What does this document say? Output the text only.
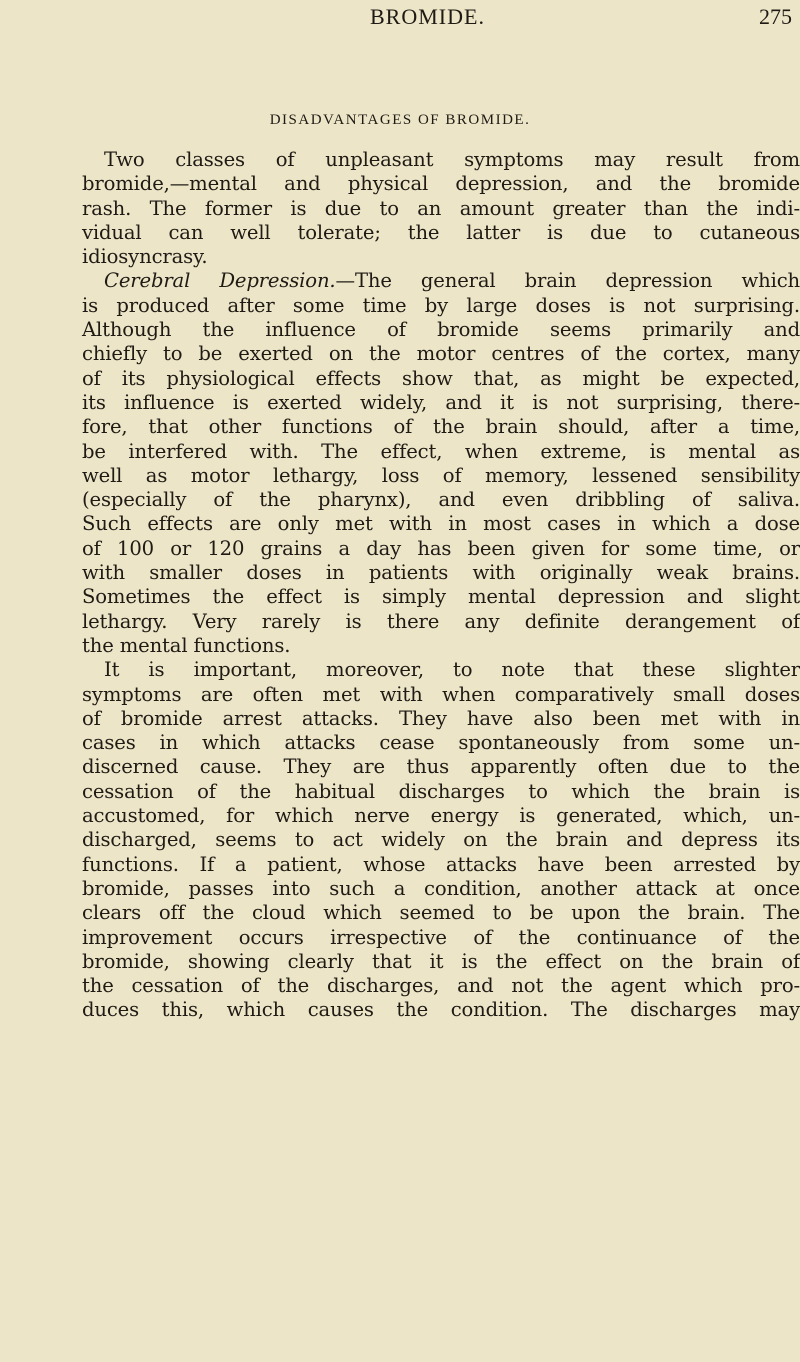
BROMIDE.	275
DISADVANTAGES OF BROMIDE.
Two classes of unpleasant symptoms may result from
bromide,—mental and physical depression, and the bromide
rash. The former is due to an amount greater than the indi-
vidual can well tolerate; the latter is due to cutaneous
idiosyncrasy.
Cerebral Depression.—The general brain depression which
is produced after some time by large doses is not surprising.
Although the influence of bromide seems primarily and
chiefly to be exerted on the motor centres of the cortex, many
of its physiological effects show that, as might be expected,
its influence is exerted widely, and it is not surprising, there-
fore, that other functions of the brain should, after a time,
be interfered with. The effect, when extreme, is mental as
well as motor lethargy, loss of memory, lessened sensibility
(especially of the pharynx), and even dribbling of saliva.
Such effects are only met with in most cases in which a dose
of 100 or 120 grains a day has been given for some time, or
with smaller doses in patients with originally weak brains.
Sometimes the effect is simply mental depression and slight
lethargy. Very rarely is there any definite derangement of
the mental functions.
It is important, moreover, to note that these slighter
symptoms are often met with when comparatively small doses
of bromide arrest attacks. They have also been met with in
cases in which attacks cease spontaneously from some un-
discerned cause. They are thus apparently often due to the
cessation of the habitual discharges to which the brain is
accustomed, for which nerve energy is generated, which, un-
discharged, seems to act widely on the brain and depress its
functions. If a patient, whose attacks have been arrested by
bromide, passes into such a condition, another attack at once
clears off the cloud which seemed to be upon the brain. The
improvement occurs irrespective of the continuance of the
bromide, showing clearly that it is the effect on the brain of
the cessation of the discharges, and not the agent which pro-
duces this, which causes the condition. The discharges may
